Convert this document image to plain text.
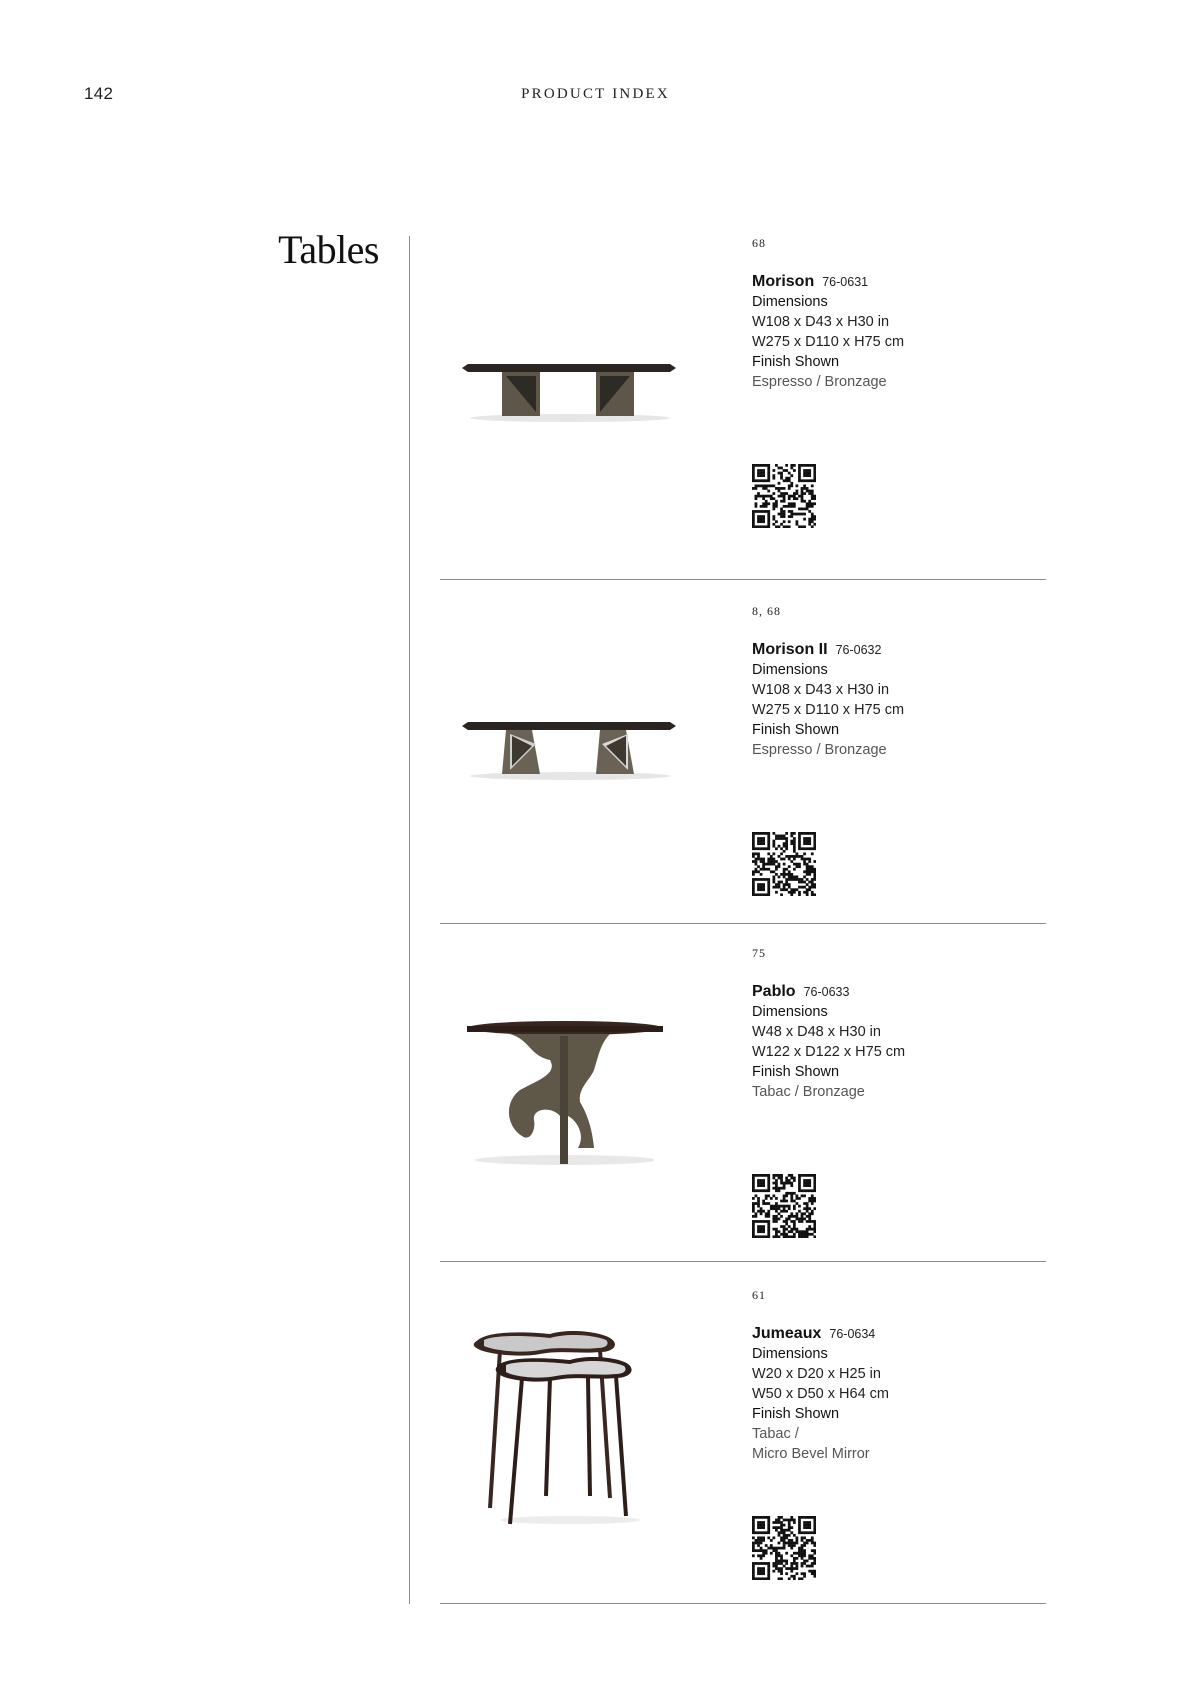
142	PRODUCT INDEX
Tables	68
Morison 76-0631
Dimensions
W108 x D43 x H30 in
W275 x D110 x H75 cm
Finish Shown
Espresso / Bronzage
8, 68
Morison II 76-0632
Dimensions
W108 x D43 x H30 in
W275 x D110 x H75 cm
Finish Shown
Espresso / Bronzage
75
Pablo 76-0633
Dimensions
W48 x D48 x H30 in
W122 x D122 x H75 cm
Finish Shown
Tabac / Bronzage
61
Jumeaux 76-0634
Dimensions
W20 x D20 x H25 in
W50 x D50 x H64 cm
Finish Shown
Tabac /
Micro Bevel Mirror
